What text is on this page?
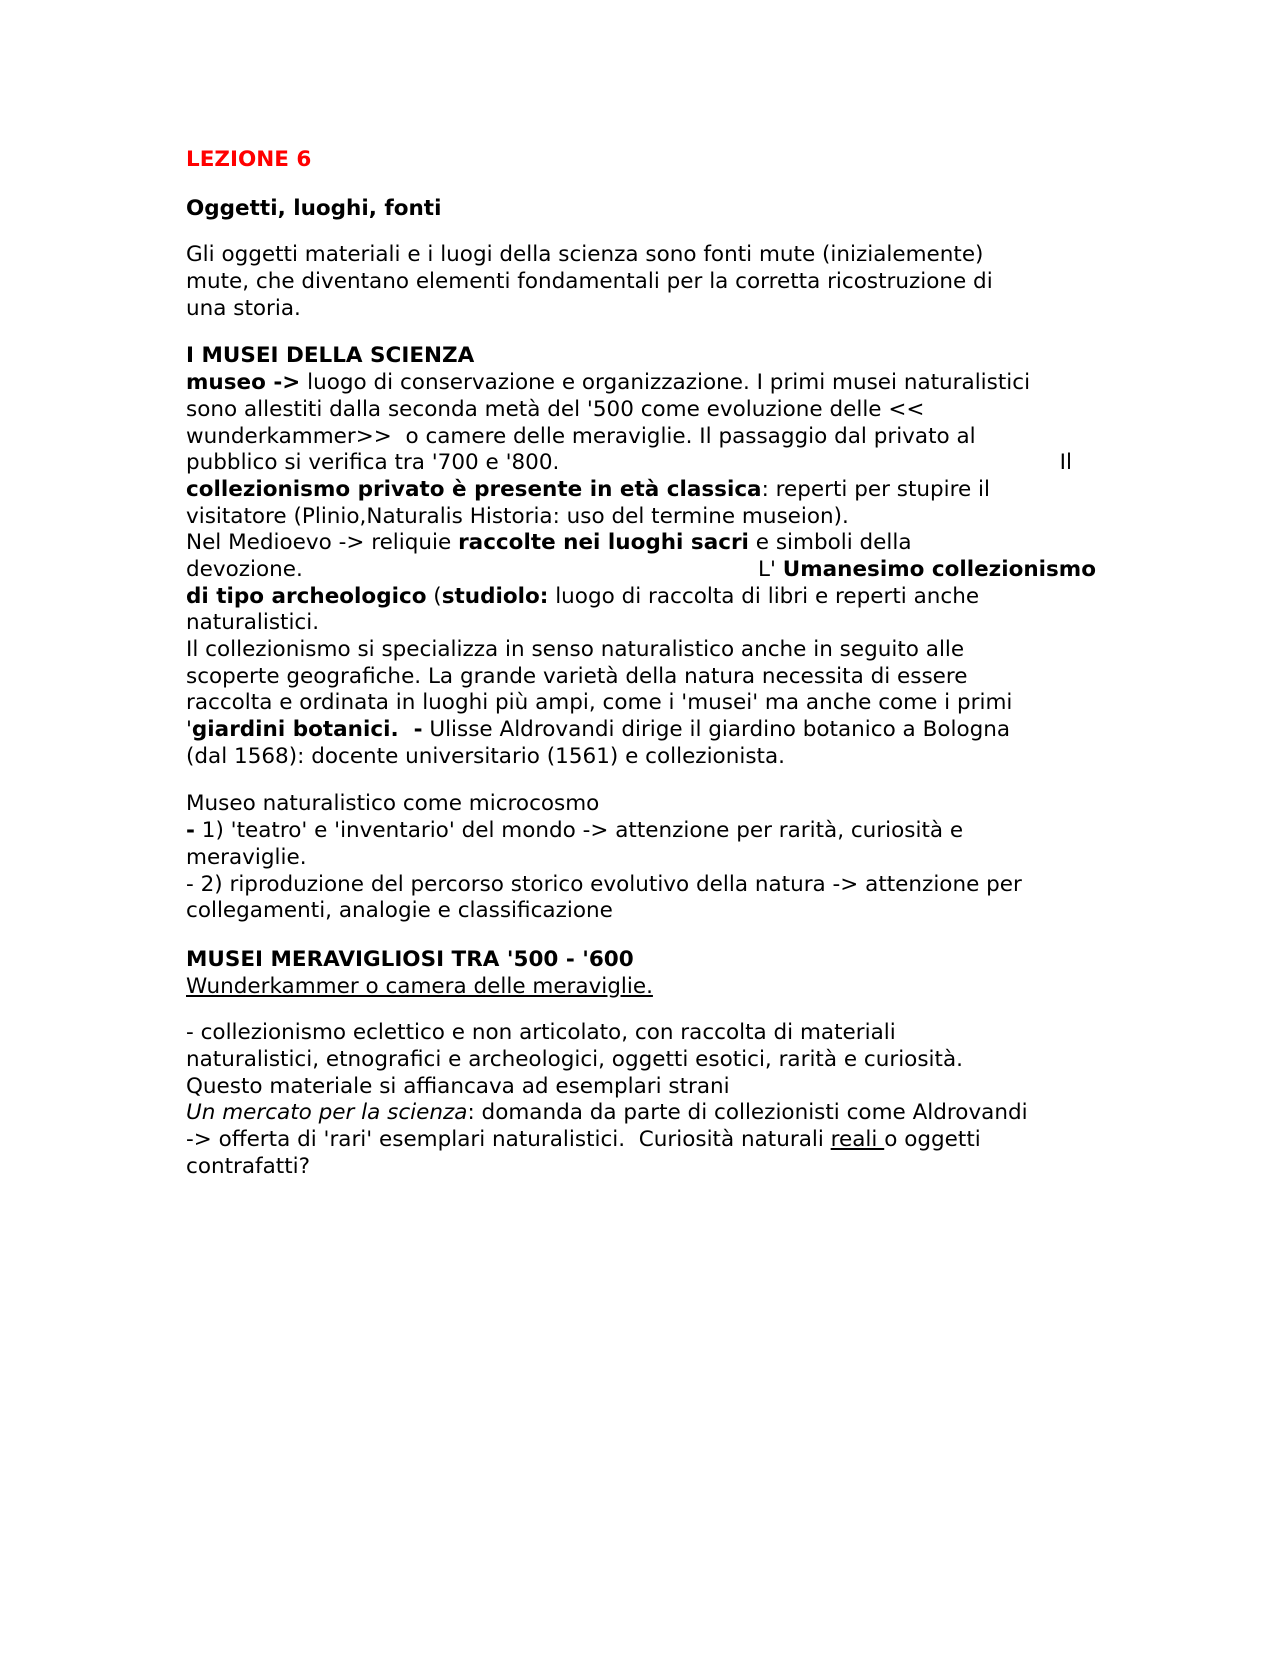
LEZIONE 6
Oggetti, luoghi, fonti
Gli oggetti materiali e i luogi della scienza sono fonti mute (inizialemente)
mute, che diventano elementi fondamentali per la corretta ricostruzione di
una storia.
I MUSEI DELLA SCIENZA
museo -> luogo di conservazione e organizzazione. I primi musei naturalistici
sono allestiti dalla seconda metà del '500 come evoluzione delle <<
wunderkammer>>  o camere delle meraviglie. Il passaggio dal privato al
pubblico si verifica tra '700 e '800.	Il
collezionismo privato è presente in età classica: reperti per stupire il
visitatore (Plinio,Naturalis Historia: uso del termine museion).
Nel Medioevo -> reliquie raccolte nei luoghi sacri e simboli della
devozione.	L' Umanesimo collezionismo
di tipo archeologico (studiolo: luogo di raccolta di libri e reperti anche
naturalistici.
Il collezionismo si specializza in senso naturalistico anche in seguito alle
scoperte geografiche. La grande varietà della natura necessita di essere
raccolta e ordinata in luoghi più ampi, come i 'musei' ma anche come i primi
'giardini botanici.  - Ulisse Aldrovandi dirige il giardino botanico a Bologna
(dal 1568): docente universitario (1561) e collezionista.
Museo naturalistico come microcosmo
- 1) 'teatro' e 'inventario' del mondo -> attenzione per rarità, curiosità e
meraviglie.
- 2) riproduzione del percorso storico evolutivo della natura -> attenzione per
collegamenti, analogie e classificazione
MUSEI MERAVIGLIOSI TRA '500 - '600
Wunderkammer o camera delle meraviglie.
- collezionismo eclettico e non articolato, con raccolta di materiali
naturalistici, etnografici e archeologici, oggetti esotici, rarità e curiosità.
Questo materiale si affiancava ad esemplari strani
Un mercato per la scienza: domanda da parte di collezionisti come Aldrovandi
-> offerta di 'rari' esemplari naturalistici.  Curiosità naturali reali o oggetti
contrafatti?
